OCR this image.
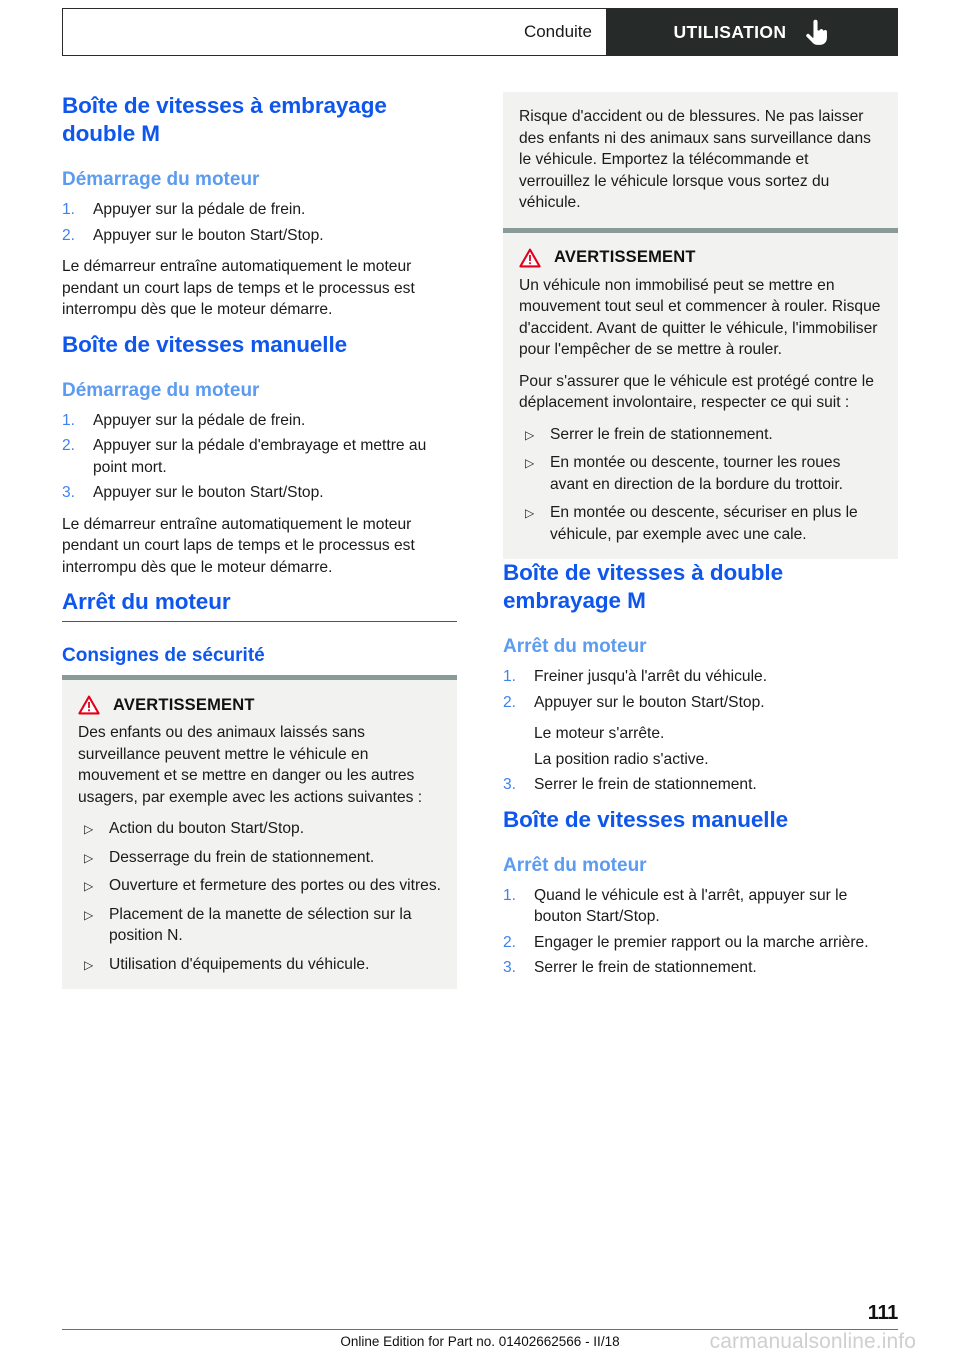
Conduite	UTILISATION
Boîte de vitesses à embrayage double M
Démarrage du moteur
1. Appuyer sur la pédale de frein.
2. Appuyer sur le bouton Start/Stop.

Le démarreur entraîne automatiquement le moteur pendant un court laps de temps et le processus est interrompu dès que le moteur démarre.

Boîte de vitesses manuelle
Démarrage du moteur
1. Appuyer sur la pédale de frein.
2. Appuyer sur la pédale d'embrayage et mettre au point mort.
3. Appuyer sur le bouton Start/Stop.

Le démarreur entraîne automatiquement le moteur pendant un court laps de temps et le processus est interrompu dès que le moteur démarre.

Arrêt du moteur
Consignes de sécurité
AVERTISSEMENT

Des enfants ou des animaux laissés sans surveillance peuvent mettre le véhicule en mouvement et se mettre en danger ou les autres usagers, par exemple avec les actions suivantes :

▷ Action du bouton Start/Stop.
▷ Desserrage du frein de stationnement.
▷ Ouverture et fermeture des portes ou des vitres.
▷ Placement de la manette de sélection sur la position N.
▷ Utilisation d'équipements du véhicule.

Risque d'accident ou de blessures. Ne pas laisser des enfants ni des animaux sans surveillance dans le véhicule. Emportez la télécommande et verrouillez le véhicule lorsque vous sortez du véhicule.

AVERTISSEMENT

Un véhicule non immobilisé peut se mettre en mouvement tout seul et commencer à rouler. Risque d'accident. Avant de quitter le véhicule, l'immobiliser pour l'empêcher de se mettre à rouler.

Pour s'assurer que le véhicule est protégé contre le déplacement involontaire, respecter ce qui suit :

▷ Serrer le frein de stationnement.
▷ En montée ou descente, tourner les roues avant en direction de la bordure du trottoir.
▷ En montée ou descente, sécuriser en plus le véhicule, par exemple avec une cale.
Boîte de vitesses à double embrayage M
Arrêt du moteur
1. Freiner jusqu'à l'arrêt du véhicule.
2. Appuyer sur le bouton Start/Stop.
Le moteur s'arrête.
La position radio s'active.
3. Serrer le frein de stationnement.
Boîte de vitesses manuelle
Arrêt du moteur
1. Quand le véhicule est à l'arrêt, appuyer sur le bouton Start/Stop.
2. Engager le premier rapport ou la marche arrière.
3. Serrer le frein de stationnement.
111
Online Edition for Part no. 01402662566 - II/18	carmanualsonline.info
